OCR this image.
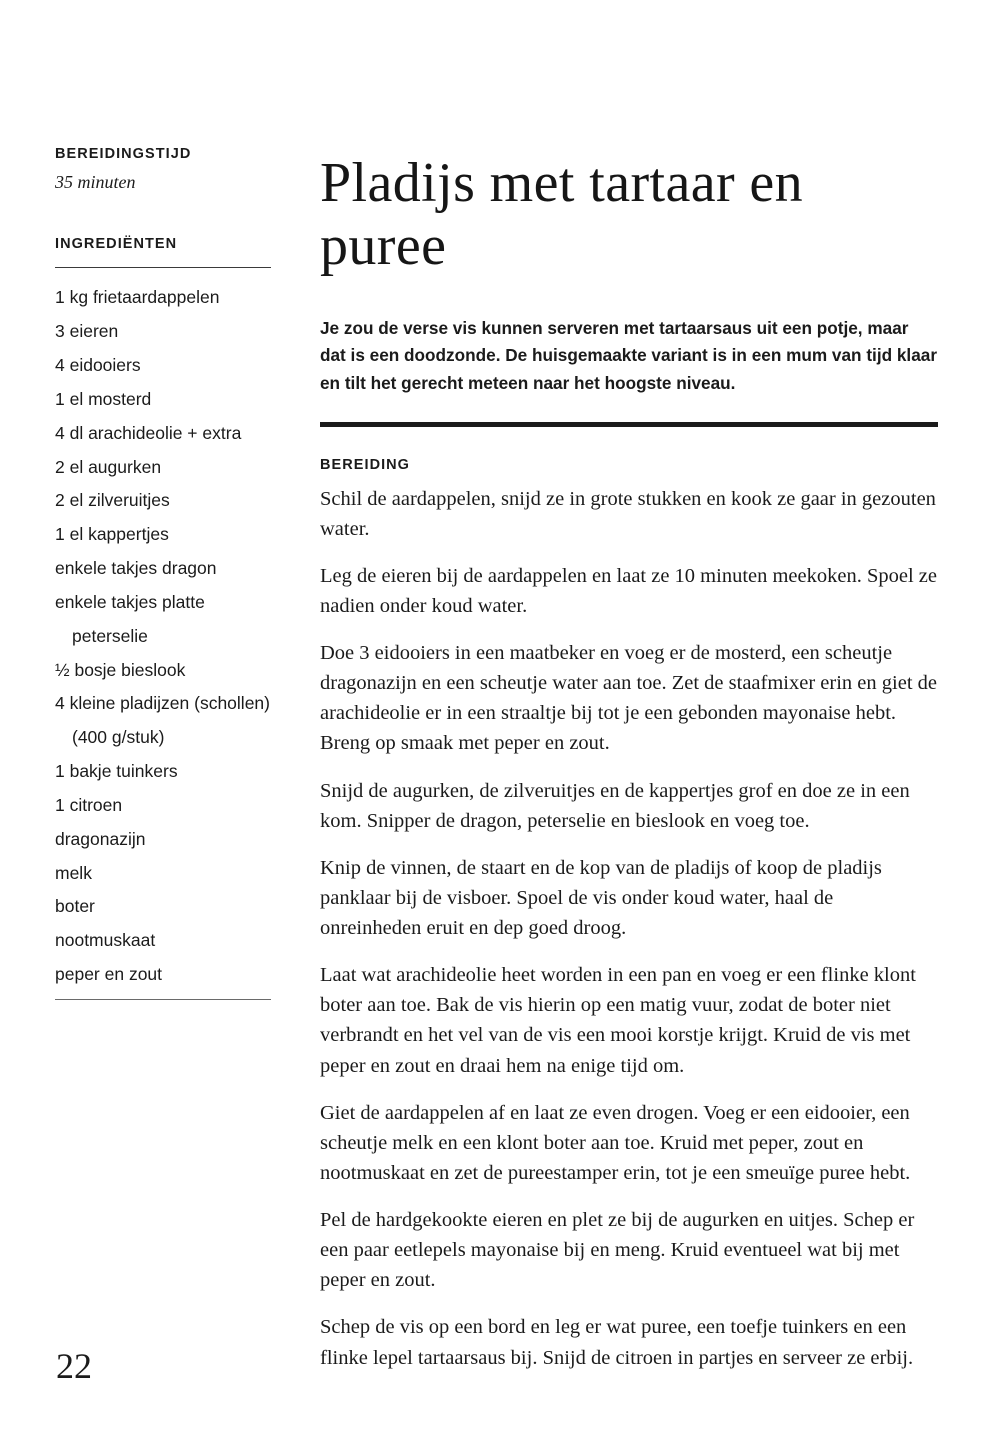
BEREIDINGSTIJD

35 minuten

INGREDIËNTEN

1 kg frietaardappelen
3 eieren
4 eidooiers
1 el mosterd
4 dl arachideolie + extra
2 el augurken
2 el zilveruitjes
1 el kappertjes
enkele takjes dragon
enkele takjes platte
peterselie
½ bosje bieslook
4 kleine pladijzen (schollen)
(400 g/stuk)
1 bakje tuinkers
1 citroen
dragonazijn
melk
boter
nootmuskaat
peper en zout
Pladijs met tartaar en puree

Je zou de verse vis kunnen serveren met tartaarsaus uit een potje, maar dat is een doodzonde. De huisgemaakte variant is in een mum van tijd klaar en tilt het gerecht meteen naar het hoogste niveau.

BEREIDING

Schil de aardappelen, snijd ze in grote stukken en kook ze gaar in gezouten water.
Leg de eieren bij de aardappelen en laat ze 10 minuten meekoken. Spoel ze nadien onder koud water.
Doe 3 eidooiers in een maatbeker en voeg er de mosterd, een scheutje dragonazijn en een scheutje water aan toe. Zet de staafmixer erin en giet de arachideolie er in een straaltje bij tot je een gebonden mayonaise hebt. Breng op smaak met peper en zout.
Snijd de augurken, de zilveruitjes en de kappertjes grof en doe ze in een kom. Snipper de dragon, peterselie en bieslook en voeg toe.
Knip de vinnen, de staart en de kop van de pladijs of koop de pladijs panklaar bij de visboer. Spoel de vis onder koud water, haal de onreinheden eruit en dep goed droog.
Laat wat arachideolie heet worden in een pan en voeg er een flinke klont boter aan toe. Bak de vis hierin op een matig vuur, zodat de boter niet verbrandt en het vel van de vis een mooi korstje krijgt. Kruid de vis met peper en zout en draai hem na enige tijd om.
Giet de aardappelen af en laat ze even drogen. Voeg er een eidooier, een scheutje melk en een klont boter aan toe. Kruid met peper, zout en nootmuskaat en zet de pureestamper erin, tot je een smeuïge puree hebt.
Pel de hardgekookte eieren en plet ze bij de augurken en uitjes. Schep er een paar eetlepels mayonaise bij en meng. Kruid eventueel wat bij met peper en zout.
Schep de vis op een bord en leg er wat puree, een toefje tuinkers en een flinke lepel tartaarsaus bij. Snijd de citroen in partjes en serveer ze erbij.
22
